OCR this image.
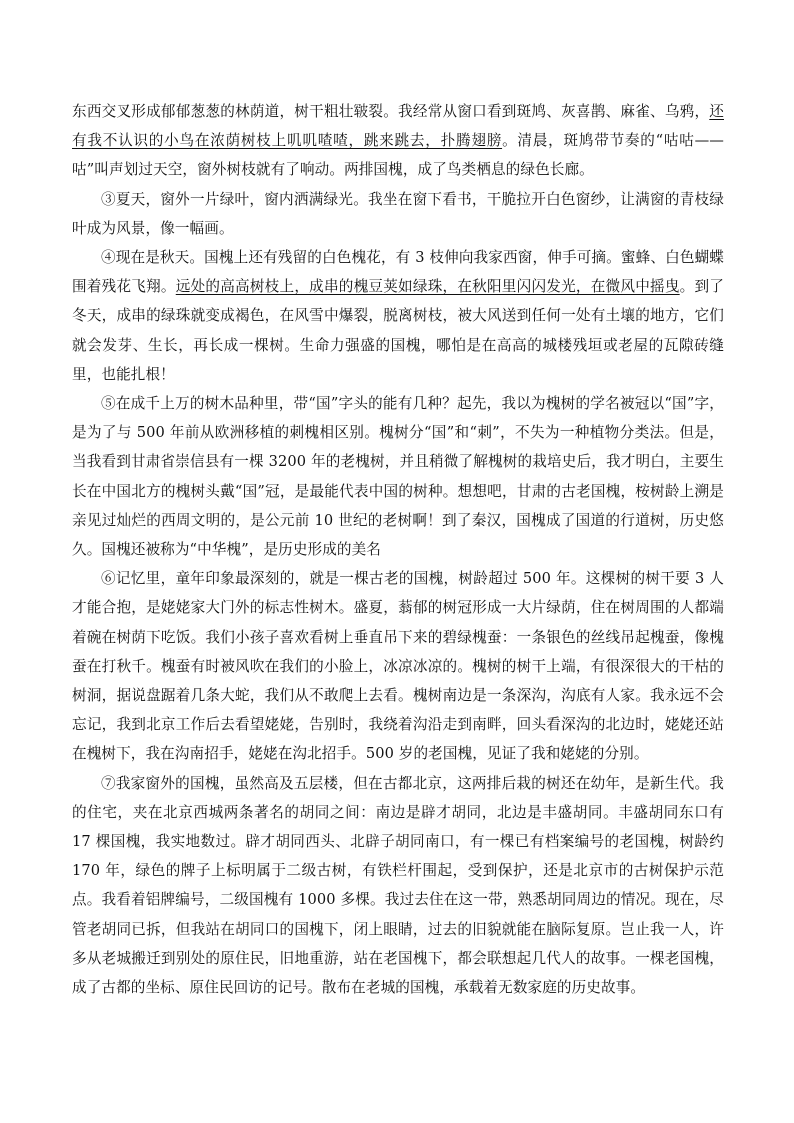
东西交叉形成郁郁葱葱的林荫道，树干粗壮皲裂。我经常从窗口看到斑鸠、灰喜鹊、麻雀、乌鸦，还有我不认识的小鸟在浓荫树枝上叽叽喳喳，跳来跳去，扑腾翅膀。清晨，斑鸠带节奏的“咕咕——咕”叫声划过天空，窗外树枝就有了响动。两排国槐，成了鸟类栖息的绿色长廊。

③夏天，窗外一片绿叶，窗内洒满绿光。我坐在窗下看书，干脆拉开白色窗纱，让满窗的青枝绿叶成为风景，像一幅画。

④现在是秋天。国槐上还有残留的白色槐花，有 3 枝伸向我家西窗，伸手可摘。蜜蜂、白色蝴蝶围着残花飞翔。远处的高高树枝上，成串的槐豆荚如绿珠，在秋阳里闪闪发光，在微风中摇曳。到了冬天，成串的绿珠就变成褐色，在风雪中爆裂，脱离树枝，被大风送到任何一处有土壤的地方，它们就会发芽、生长，再长成一棵树。生命力强盛的国槐，哪怕是在高高的城楼残垣或老屋的瓦隙砖缝里，也能扎根！

⑤在成千上万的树木品种里，带“国”字头的能有几种？起先，我以为槐树的学名被冠以“国”字，是为了与 500 年前从欧洲移植的刺槐相区别。槐树分“国”和“刺”，不失为一种植物分类法。但是，当我看到甘肃省崇信县有一棵 3200 年的老槐树，并且稍微了解槐树的栽培史后，我才明白，主要生长在中国北方的槐树头戴“国”冠，是最能代表中国的树种。想想吧，甘肃的古老国槐，桉树龄上溯是亲见过灿烂的西周文明的，是公元前 10 世纪的老树啊！到了秦汉，国槐成了国道的行道树，历史悠久。国槐还被称为“中华槐”，是历史形成的美名

⑥记忆里，童年印象最深刻的，就是一棵古老的国槐，树龄超过 500 年。这棵树的树干要 3 人才能合抱，是姥姥家大门外的标志性树木。盛夏，蓊郁的树冠形成一大片绿荫，住在树周围的人都端着碗在树荫下吃饭。我们小孩子喜欢看树上垂直吊下来的碧绿槐蚕：一条银色的丝线吊起槐蚕，像槐蚕在打秋千。槐蚕有时被风吹在我们的小脸上，冰凉冰凉的。槐树的树干上端，有很深很大的干枯的树洞，据说盘踞着几条大蛇，我们从不敢爬上去看。槐树南边是一条深沟，沟底有人家。我永远不会忘记，我到北京工作后去看望姥姥，告别时，我绕着沟沿走到南畔，回头看深沟的北边时，姥姥还站在槐树下，我在沟南招手，姥姥在沟北招手。500 岁的老国槐，见证了我和姥姥的分别。

⑦我家窗外的国槐，虽然高及五层楼，但在古都北京，这两排后栽的树还在幼年，是新生代。我的住宅，夹在北京西城两条著名的胡同之间：南边是辟才胡同，北边是丰盛胡同。丰盛胡同东口有 17 棵国槐，我实地数过。辟才胡同西头、北辟子胡同南口，有一棵已有档案编号的老国槐，树龄约 170 年，绿色的牌子上标明属于二级古树，有铁栏杆围起，受到保护，还是北京市的古树保护示范点。我看着铝牌编号，二级国槐有 1000 多棵。我过去住在这一带，熟悉胡同周边的情况。现在，尽管老胡同已拆，但我站在胡同口的国槐下，闭上眼睛，过去的旧貌就能在脑际复原。岂止我一人，许多从老城搬迁到别处的原住民，旧地重游，站在老国槐下，都会联想起几代人的故事。一棵老国槐，成了古都的坐标、原住民回访的记号。散布在老城的国槐，承载着无数家庭的历史故事。
